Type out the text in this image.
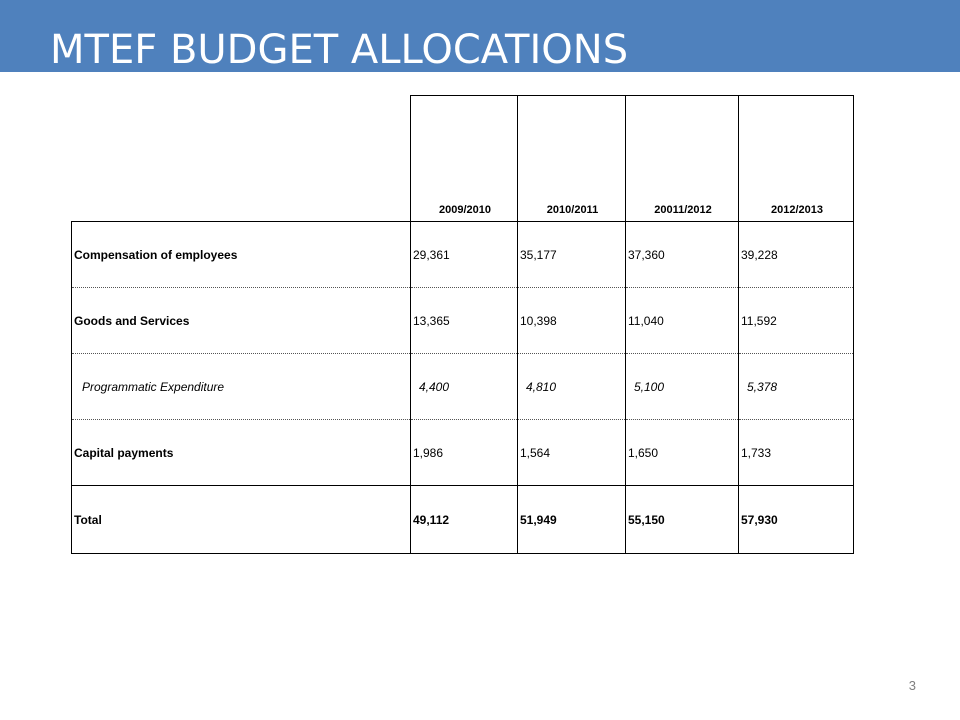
MTEF BUDGET ALLOCATIONS
	2009/2010	2010/2011	20011/2012	2012/2013
Compensation of employees	29,361	35,177	37,360	39,228
Goods and Services	13,365	10,398	11,040	11,592
Programmatic Expenditure	4,400	4,810	5,100	5,378
Capital payments	1,986	1,564	1,650	1,733
Total	49,112	51,949	55,150	57,930
3
